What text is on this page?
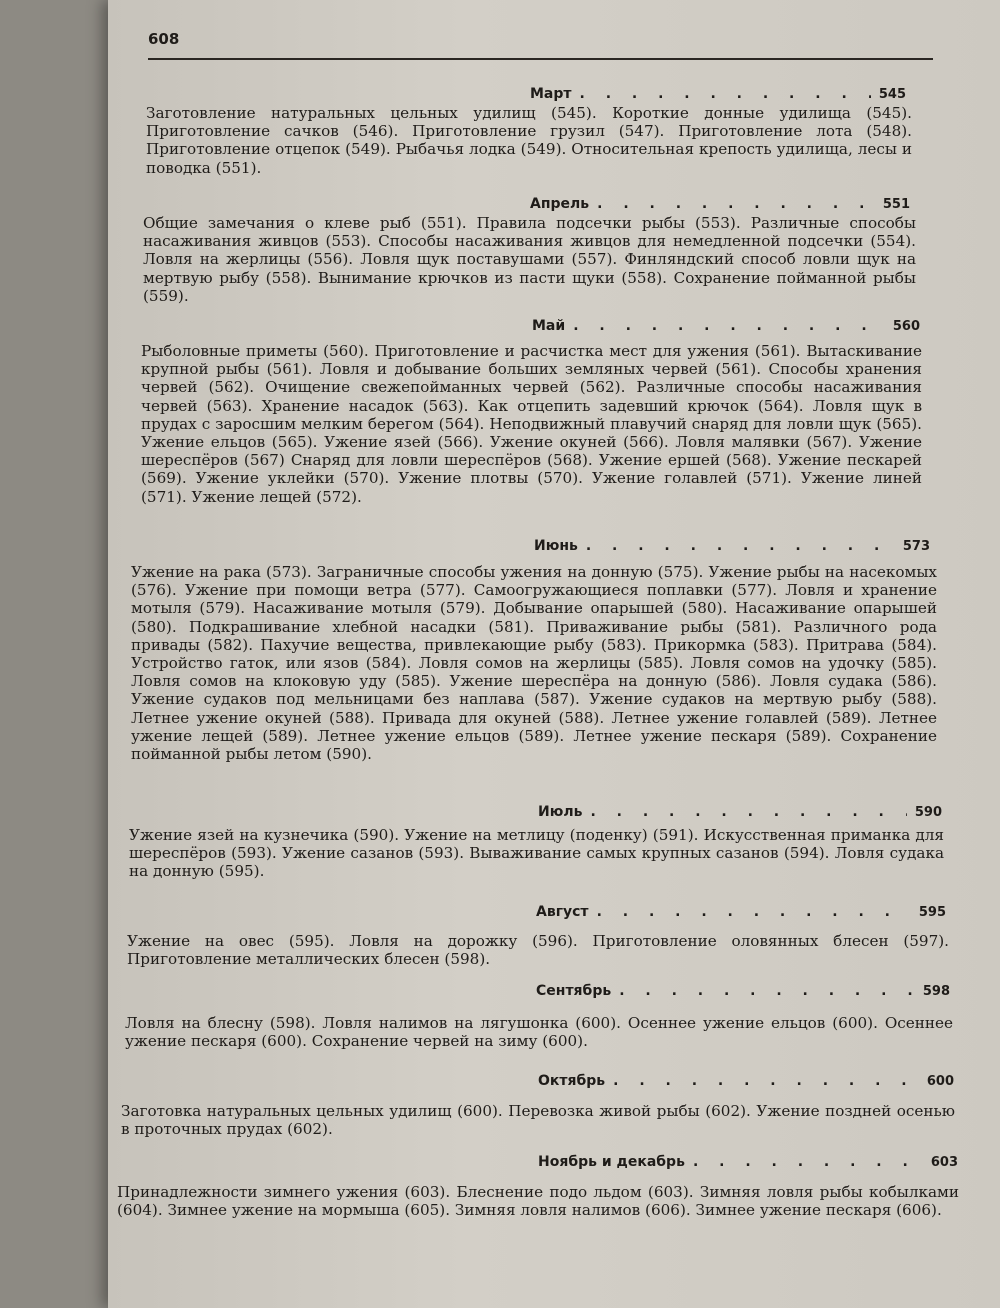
608
Март . . .	545
Заготовление натуральных цельных удилищ (545). Короткие донные удилища (545). Приготовление сачков (546). Приготовление грузил (547). Приготовление лота (548). Приготовление отцепок (549). Рыбачья лодка (549). Относительная крепость удилища, лесы и поводка (551).
Апрель . . .	551
Общие замечания о клеве рыб (551). Правила подсечки рыбы (553). Различные способы насаживания живцов (553). Способы насаживания живцов для немедленной подсечки (554). Ловля на жерлицы (556). Ловля щук поставушами (557). Финляндский способ ловли щук на мертвую рыбу (558). Вынимание крючков из пасти щуки (558). Сохранение пойманной рыбы (559).
Май . . .	560
Рыболовные приметы (560). Приготовление и расчистка мест для ужения (561). Вытаскивание крупной рыбы (561). Ловля и добывание больших земляных червей (561). Способы хранения червей (562). Очищение свежепойманных червей (562). Различные способы насаживания червей (563). Хранение насадок (563). Как отцепить задевший крючок (564). Ловля щук в прудах с заросшим мелким берегом (564). Неподвижный плавучий снаряд для ловли щук (565). Ужение ельцов (565). Ужение язей (566). Ужение окуней (566). Ловля малявки (567). Ужение шереспёров (567) Снаряд для ловли шереспёров (568). Ужение ершей (568). Ужение пескарей (569). Ужение уклейки (570). Ужение плотвы (570). Ужение голавлей (571). Ужение линей (571). Ужение лещей (572).
Июнь . . .	573
Ужение на рака (573). Заграничные способы ужения на донную (575). Ужение рыбы на насекомых (576). Ужение при помощи ветра (577). Самоогружающиеся поплавки (577). Ловля и хранение мотыля (579). Насаживание мотыля (579). Добывание опарышей (580). Насаживание опарышей (580). Подкрашивание хлебной насадки (581). Приваживание рыбы (581). Различного рода привады (582). Пахучие вещества, привлекающие рыбу (583). Прикормка (583). Притрава (584). Устройство гаток, или язов (584). Ловля сомов на жерлицы (585). Ловля сомов на удочку (585). Ловля сомов на клоковую уду (585). Ужение шереспёра на донную (586). Ловля судака (586). Ужение судаков под мельницами без наплава (587). Ужение судаков на мертвую рыбу (588). Летнее ужение окуней (588). Привада для окуней (588). Летнее ужение голавлей (589). Летнее ужение лещей (589). Летнее ужение ельцов (589). Летнее ужение пескаря (589). Сохранение пойманной рыбы летом (590).
Июль . . .	590
Ужение язей на кузнечика (590). Ужение на метлицу (поденку) (591). Искусственная приманка для шереспёров (593). Ужение сазанов (593). Вываживание самых крупных сазанов (594). Ловля судака на донную (595).
Август . . .	595
Ужение на овес (595). Ловля на дорожку (596). Приготовление оловянных блесен (597). Приготовление металлических блесен (598).
Сентябрь . . .	598
Ловля на блесну (598). Ловля налимов на лягушонка (600). Осеннее ужение ельцов (600). Осеннее ужение пескаря (600). Сохранение червей на зиму (600).
Октябрь . . .	600
Заготовка натуральных цельных удилищ (600). Перевозка живой рыбы (602). Ужение поздней осенью в проточных прудах (602).
Ноябрь и декабрь . . .	603
Принадлежности зимнего ужения (603). Блеснение подо льдом (603). Зимняя ловля рыбы кобылками (604). Зимнее ужение на мормыша (605). Зимняя ловля налимов (606). Зимнее ужение пескаря (606).
